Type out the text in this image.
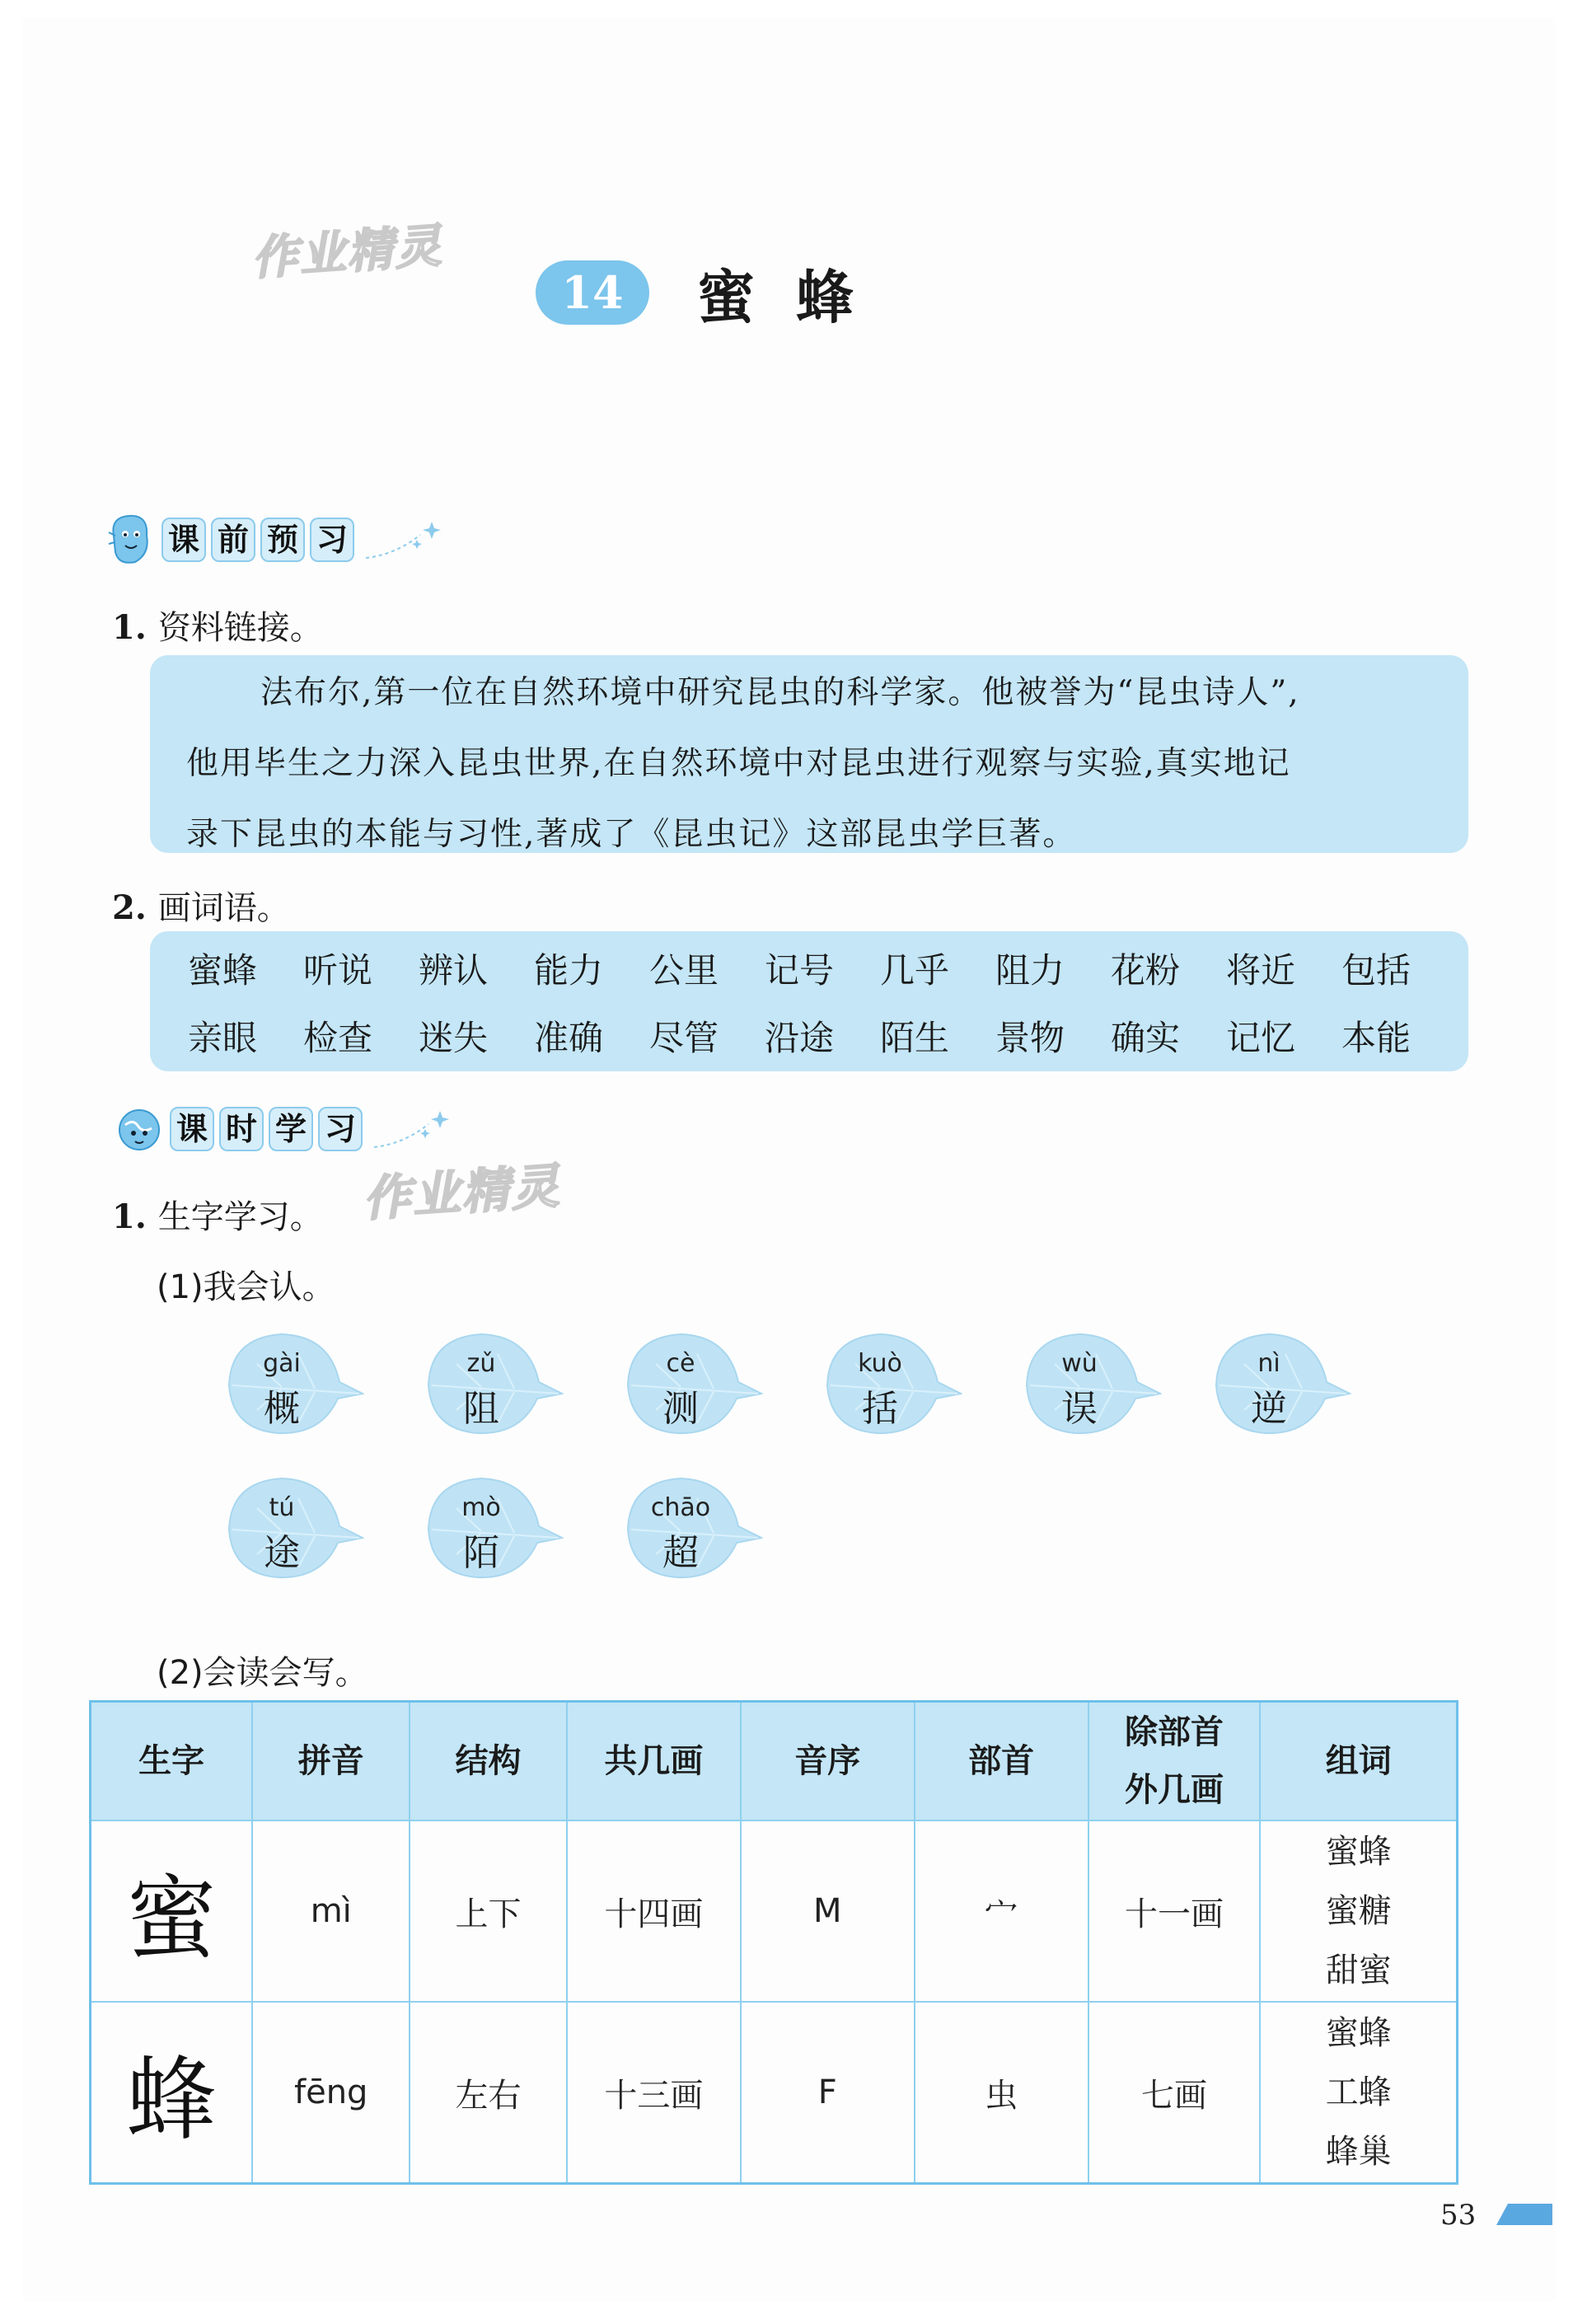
作业精灵
作业精灵
14	蜜蜂
课 前 预 习
1. 资料链接。
法布尔,第一位在自然环境中研究昆虫的科学家。他被誉为“昆虫诗人”,
他用毕生之力深入昆虫世界,在自然环境中对昆虫进行观察与实验,真实地记
录下昆虫的本能与习性,著成了《昆虫记》这部昆虫学巨著。
2. 画词语。
蜜蜂	听说	辨认	能力	公里	记号	几乎	阻力	花粉	将近	包括
亲眼	检查	迷失	准确	尽管	沿途	陌生	景物	确实	记忆	本能
课 时 学 习
1. 生字学习。
(1)我会认。
gài
概
zǔ
阻
cè
测
kuò
括
wù
误
nì
逆
tú
途
mò
陌
chāo
超
(2)会读会写。
生字	拼音	结构	共几画	音序	部首	除部首
外几画	组词
蜜	mì	上下	十四画	M	宀	十一画	蜜蜂
蜜糖
甜蜜

蜂	fēng	左右	十三画	F	虫	七画	蜜蜂
工蜂
蜂巢
53
